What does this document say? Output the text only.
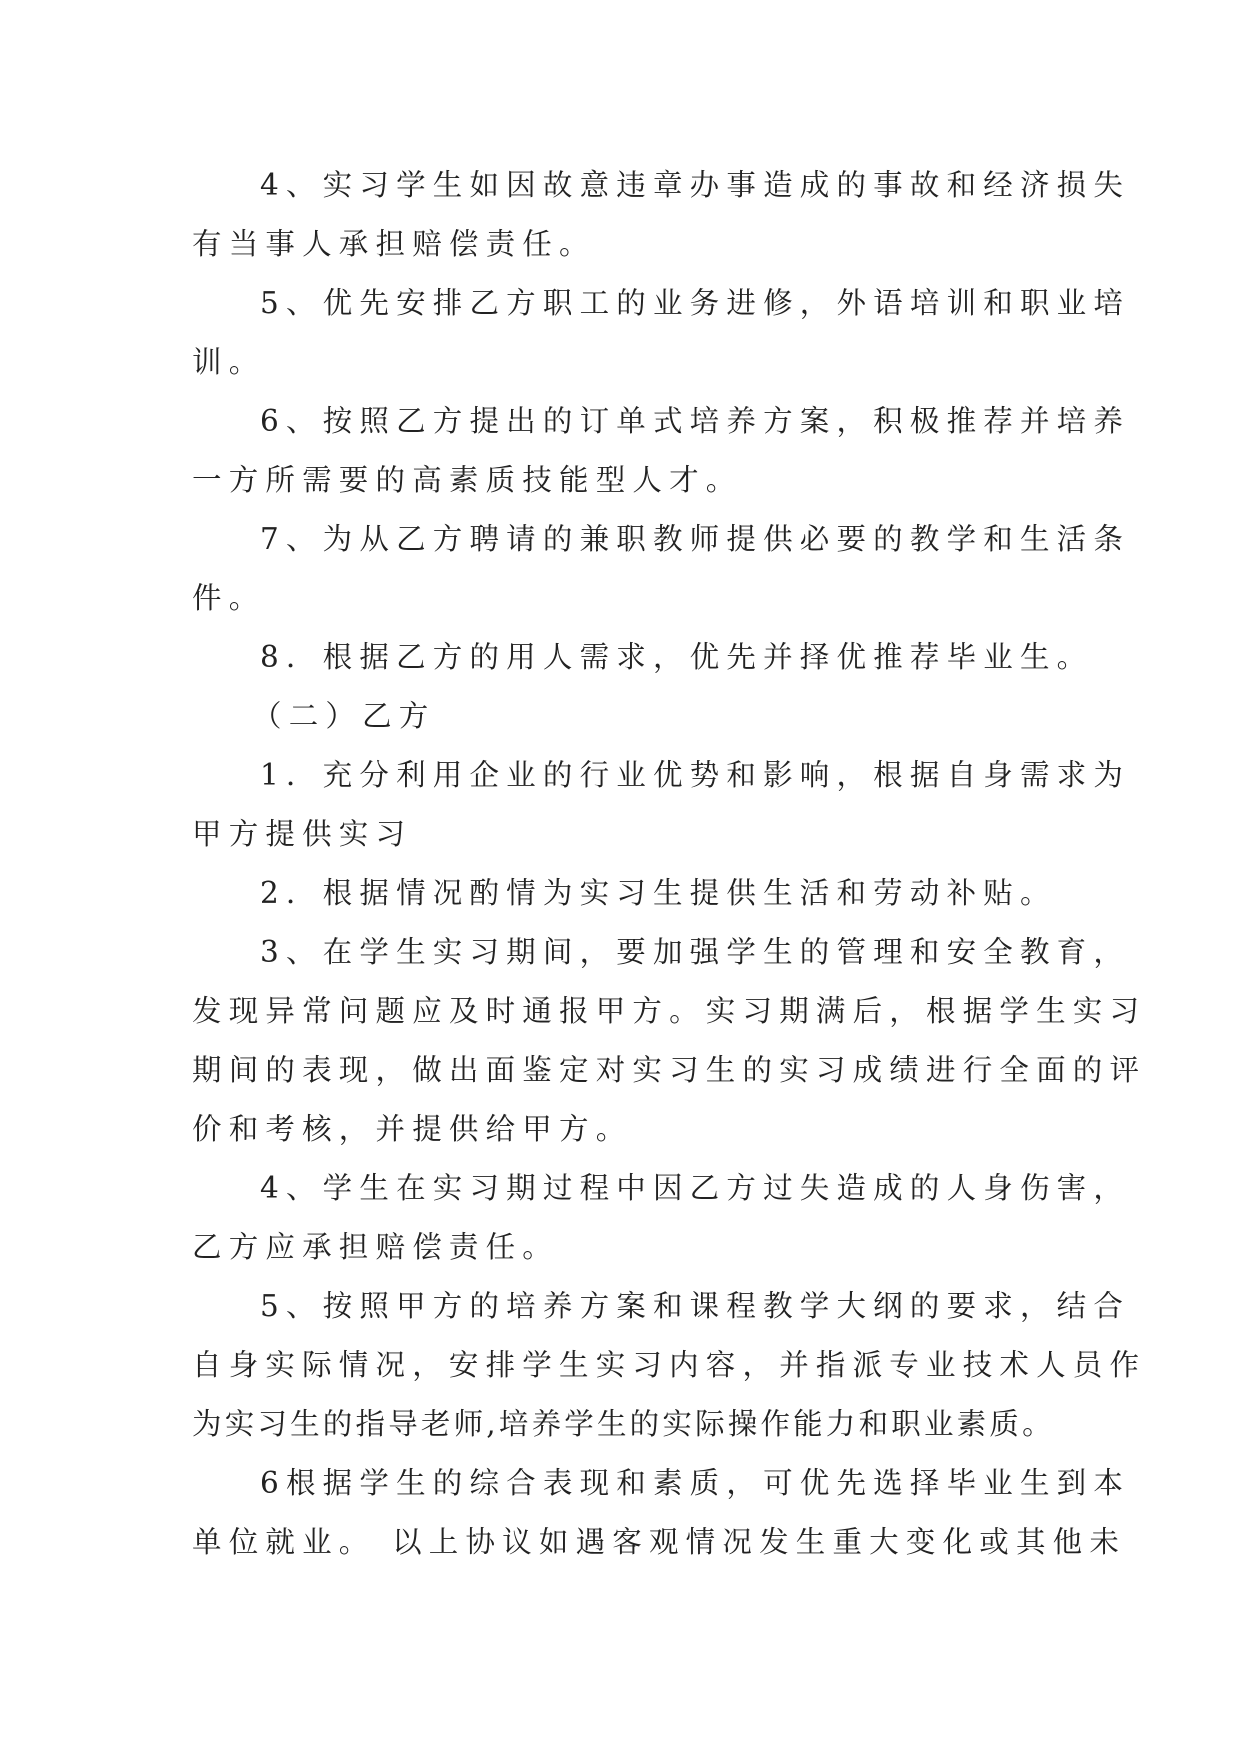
4、实习学生如因故意违章办事造成的事故和经济损失
有当事人承担赔偿责任。

5、优先安排乙方职工的业务进修，外语培训和职业培
训。

6、按照乙方提出的订单式培养方案，积极推荐并培养
一方所需要的高素质技能型人才。

7、为从乙方聘请的兼职教师提供必要的教学和生活条
件。

8．根据乙方的用人需求，优先并择优推荐毕业生。

（二）乙方

1．充分利用企业的行业优势和影响，根据自身需求为
甲方提供实习

2．根据情况酌情为实习生提供生活和劳动补贴。

3、在学生实习期间，要加强学生的管理和安全教育，
发现异常问题应及时通报甲方。实习期满后，根据学生实习
期间的表现，做出面鉴定对实习生的实习成绩进行全面的评
价和考核，并提供给甲方。

4、学生在实习期过程中因乙方过失造成的人身伤害，
乙方应承担赔偿责任。

5、按照甲方的培养方案和课程教学大纲的要求，结合
自身实际情况，安排学生实习内容，并指派专业技术人员作
为实习生的指导老师,培养学生的实际操作能力和职业素质。

6根据学生的综合表现和素质，可优先选择毕业生到本
单位就业。 以上协议如遇客观情况发生重大变化或其他未
